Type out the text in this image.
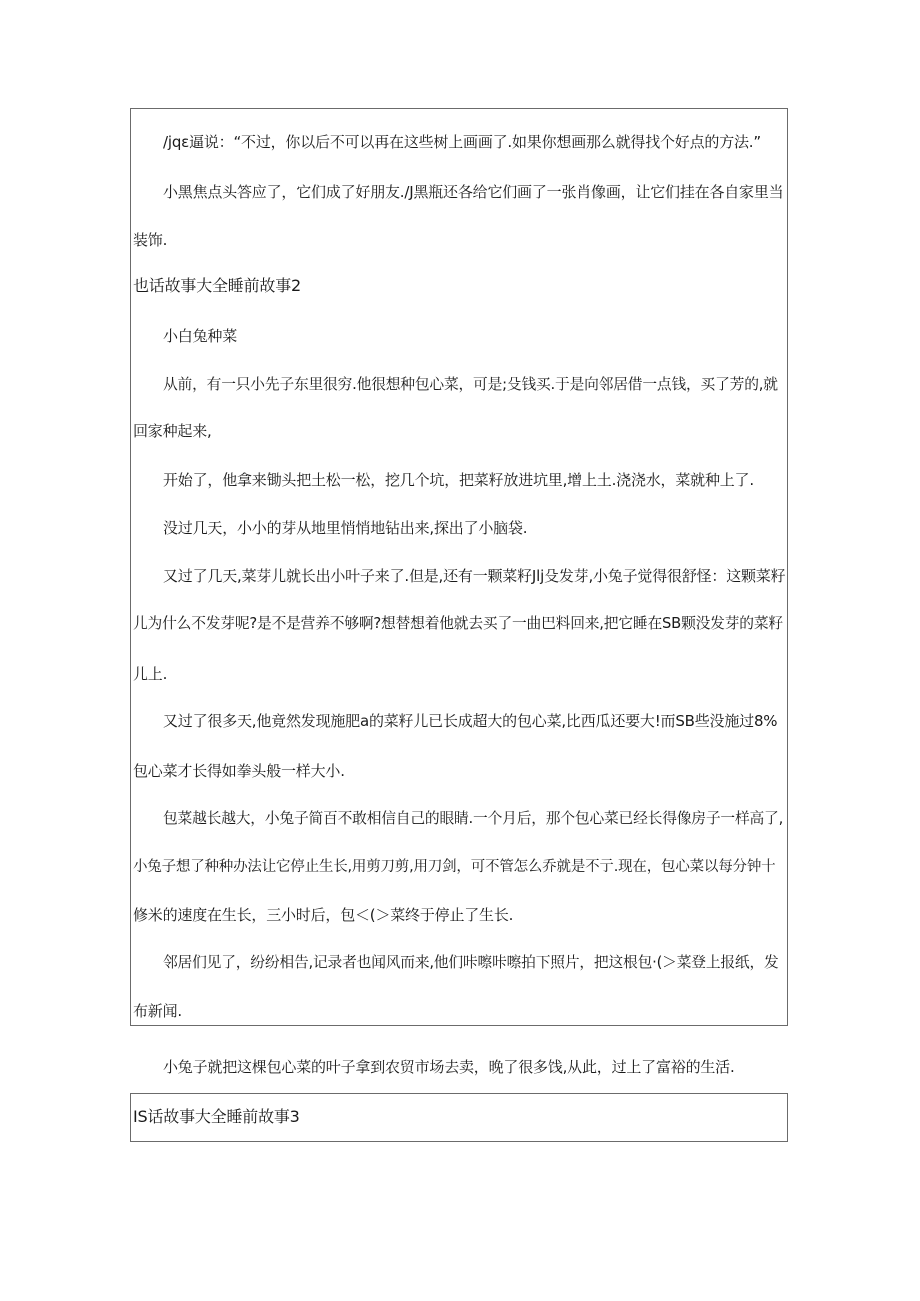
/jqε逼说：“不过，你以后不可以再在这些树上画画了.如果你想画那么就得找个好点的方法.”
小黑焦点头答应了，它们成了好朋友./J黑瓶还各给它们画了一张肖像画，让它们挂在各自家里当
装饰.
也话故事大全睡前故事2
小白兔种菜
从前，有一只小先子东里很穷.他很想种包心菜，可是;殳钱买.于是向邻居借一点钱，买了芳的,就
回家种起来,
开始了，他拿来锄头把土松一松，挖几个坑，把菜籽放进坑里,增上土.浇浇水，菜就种上了.
没过几天，小小的芽从地里悄悄地钻出来,探出了小脑袋.
又过了几天,菜芽儿就长出小叶子来了.但是,还有一颗菜籽Jlj殳发芽,小兔子觉得很舒怪：这颗菜籽
儿为什么不发芽呢?是不是营养不够啊?想替想着他就去买了一曲巴料回来,把它睡在SB颗没发芽的菜籽
儿上.
又过了很多天,他竟然发现施肥a的菜籽儿已长成超大的包心菜,比西瓜还要大!而SB些没施过8%
包心菜才长得如拳头般一样大小.
包菜越长越大，小兔子简百不敢相信自己的眼睛.一个月后，那个包心菜已经长得像房子一样高了,
小兔子想了种种办法让它停止生长,用剪刀剪,用刀剑，可不管怎么乔就是不亍.现在，包心菜以每分钟十
修米的速度在生长，三小时后，包＜(＞菜终于停止了生长.
邻居们见了，纷纷相告,记录者也闻风而来,他们咔嚓咔嚓拍下照片，把这根包·(＞菜登上报纸，发
布新闻.
小兔子就把这棵包心菜的叶子拿到农贸市场去卖，晚了很多饯,从此，过上了富裕的生活.
IS话故事大全睡前故事3
